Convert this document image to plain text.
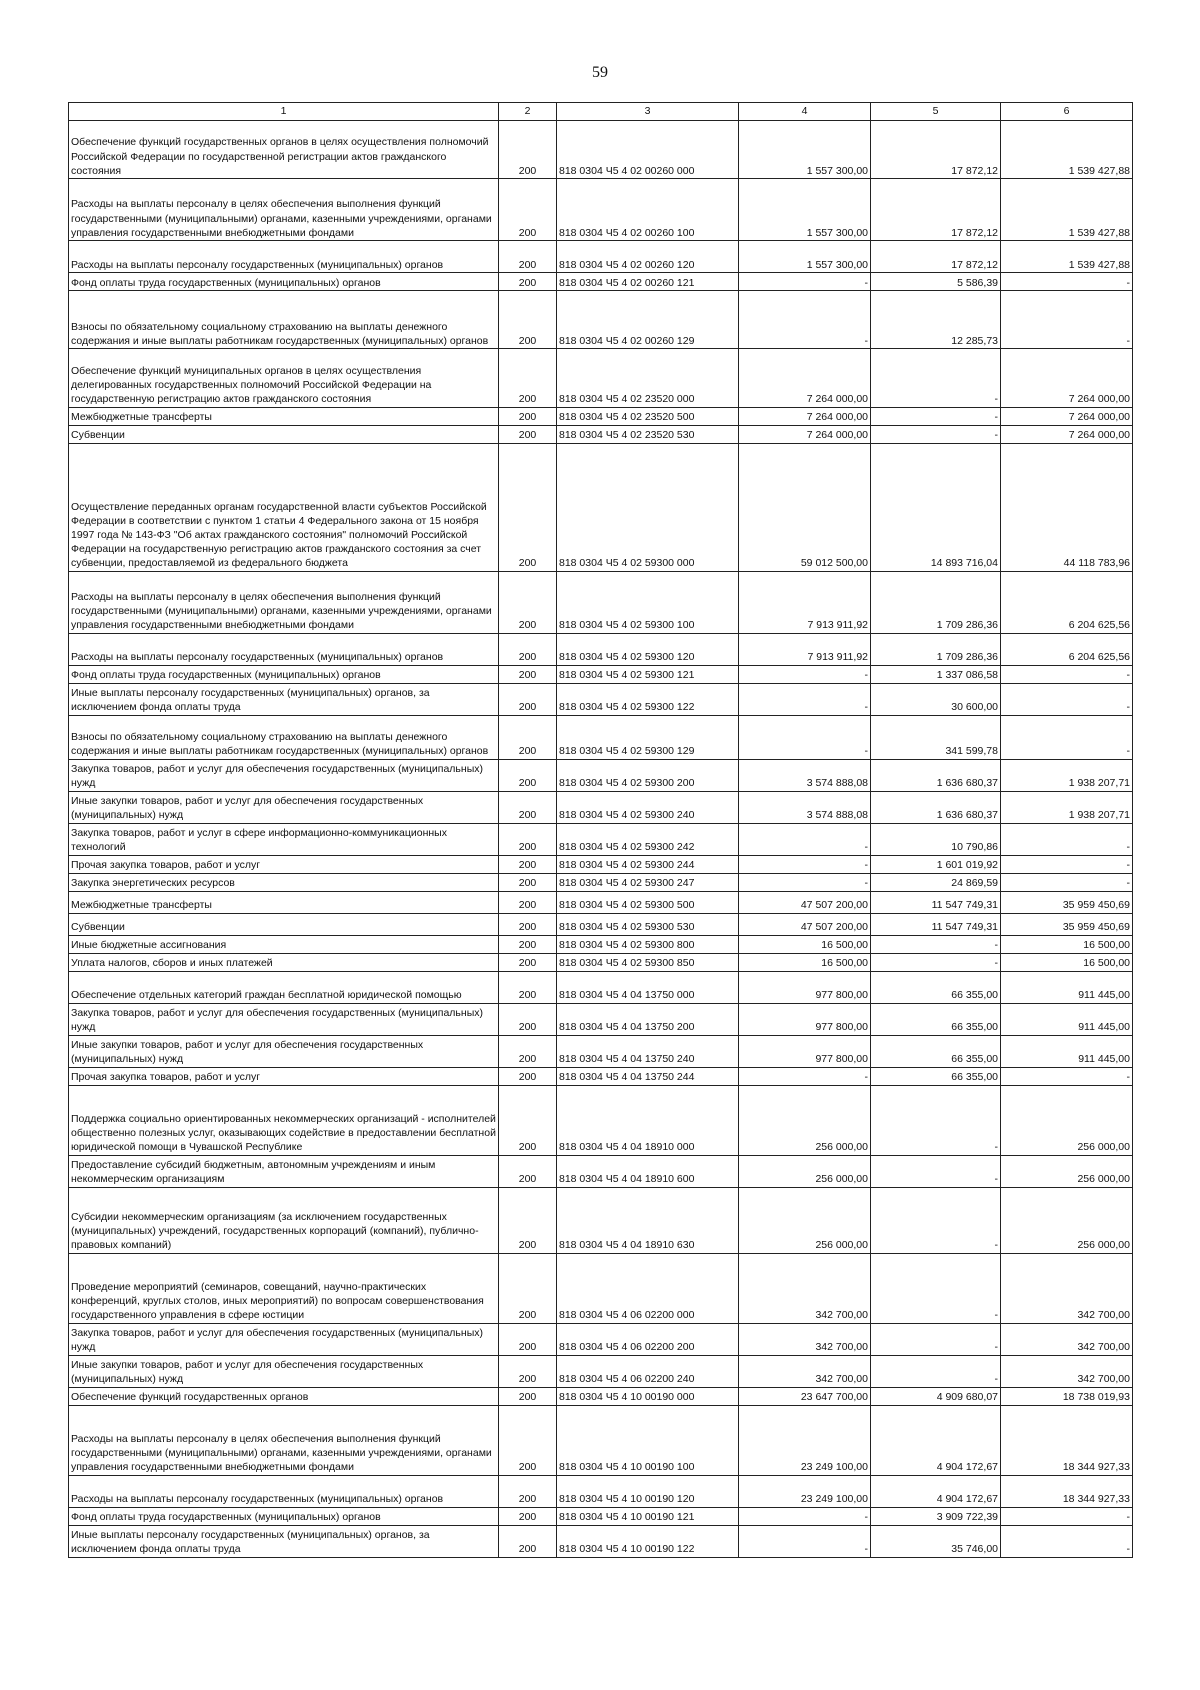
59
1	2	3	4	5	6
Обеспечение функций государственных органов в целях осуществления полномочий Российской Федерации по государственной регистрации актов гражданского состояния	200	818 0304 Ч5 4 02 00260 000	1 557 300,00	17 872,12	1 539 427,88
Расходы на выплаты персоналу в целях обеспечения выполнения функций государственными (муниципальными) органами, казенными учреждениями, органами управления государственными внебюджетными фондами	200	818 0304 Ч5 4 02 00260 100	1 557 300,00	17 872,12	1 539 427,88
Расходы на выплаты персоналу государственных (муниципальных) органов	200	818 0304 Ч5 4 02 00260 120	1 557 300,00	17 872,12	1 539 427,88
Фонд оплаты труда государственных (муниципальных) органов	200	818 0304 Ч5 4 02 00260 121	-	5 586,39	-
Взносы по обязательному социальному страхованию на выплаты денежного содержания и иные выплаты работникам государственных (муниципальных) органов	200	818 0304 Ч5 4 02 00260 129	-	12 285,73	-
Обеспечение функций муниципальных органов в целях осуществления делегированных государственных полномочий Российской Федерации на государственную регистрацию актов гражданского состояния	200	818 0304 Ч5 4 02 23520 000	7 264 000,00	-	7 264 000,00
Межбюджетные трансферты	200	818 0304 Ч5 4 02 23520 500	7 264 000,00	-	7 264 000,00
Субвенции	200	818 0304 Ч5 4 02 23520 530	7 264 000,00	-	7 264 000,00
Осуществление переданных органам государственной власти субъектов Российской Федерации в соответствии с пунктом 1 статьи 4 Федерального закона от 15 ноября 1997 года № 143-ФЗ "Об актах гражданского состояния" полномочий Российской Федерации на государственную регистрацию актов гражданского состояния за счет субвенции, предоставляемой из федерального бюджета	200	818 0304 Ч5 4 02 59300 000	59 012 500,00	14 893 716,04	44 118 783,96
Расходы на выплаты персоналу в целях обеспечения выполнения функций государственными (муниципальными) органами, казенными учреждениями, органами управления государственными внебюджетными фондами	200	818 0304 Ч5 4 02 59300 100	7 913 911,92	1 709 286,36	6 204 625,56
Расходы на выплаты персоналу государственных (муниципальных) органов	200	818 0304 Ч5 4 02 59300 120	7 913 911,92	1 709 286,36	6 204 625,56
Фонд оплаты труда государственных (муниципальных) органов	200	818 0304 Ч5 4 02 59300 121	-	1 337 086,58	-
Иные выплаты персоналу государственных (муниципальных) органов, за исключением фонда оплаты труда	200	818 0304 Ч5 4 02 59300 122	-	30 600,00	-
Взносы по обязательному социальному страхованию на выплаты денежного содержания и иные выплаты работникам государственных (муниципальных) органов	200	818 0304 Ч5 4 02 59300 129	-	341 599,78	-
Закупка товаров, работ и услуг для обеспечения государственных (муниципальных) нужд	200	818 0304 Ч5 4 02 59300 200	3 574 888,08	1 636 680,37	1 938 207,71
Иные закупки товаров, работ и услуг для обеспечения государственных (муниципальных) нужд	200	818 0304 Ч5 4 02 59300 240	3 574 888,08	1 636 680,37	1 938 207,71
Закупка товаров, работ и услуг в сфере информационно-коммуникационных технологий	200	818 0304 Ч5 4 02 59300 242	-	10 790,86	-
Прочая закупка товаров, работ и услуг	200	818 0304 Ч5 4 02 59300 244	-	1 601 019,92	-
Закупка энергетических ресурсов	200	818 0304 Ч5 4 02 59300 247	-	24 869,59	-
Межбюджетные трансферты	200	818 0304 Ч5 4 02 59300 500	47 507 200,00	11 547 749,31	35 959 450,69
Субвенции	200	818 0304 Ч5 4 02 59300 530	47 507 200,00	11 547 749,31	35 959 450,69
Иные бюджетные ассигнования	200	818 0304 Ч5 4 02 59300 800	16 500,00	-	16 500,00
Уплата налогов, сборов и иных платежей	200	818 0304 Ч5 4 02 59300 850	16 500,00	-	16 500,00
Обеспечение отдельных категорий граждан бесплатной юридической помощью	200	818 0304 Ч5 4 04 13750 000	977 800,00	66 355,00	911 445,00
Закупка товаров, работ и услуг для обеспечения государственных (муниципальных) нужд	200	818 0304 Ч5 4 04 13750 200	977 800,00	66 355,00	911 445,00
Иные закупки товаров, работ и услуг для обеспечения государственных (муниципальных) нужд	200	818 0304 Ч5 4 04 13750 240	977 800,00	66 355,00	911 445,00
Прочая закупка товаров, работ и услуг	200	818 0304 Ч5 4 04 13750 244	-	66 355,00	-
Поддержка социально ориентированных некоммерческих организаций - исполнителей общественно полезных услуг, оказывающих содействие в предоставлении бесплатной юридической помощи в Чувашской Республике	200	818 0304 Ч5 4 04 18910 000	256 000,00	-	256 000,00
Предоставление субсидий бюджетным, автономным учреждениям и иным некоммерческим организациям	200	818 0304 Ч5 4 04 18910 600	256 000,00	-	256 000,00
Субсидии некоммерческим организациям (за исключением государственных (муниципальных) учреждений, государственных корпораций (компаний), публично-правовых компаний)	200	818 0304 Ч5 4 04 18910 630	256 000,00	-	256 000,00
Проведение мероприятий (семинаров, совещаний, научно-практических конференций, круглых столов, иных мероприятий) по вопросам совершенствования государственного управления в сфере юстиции	200	818 0304 Ч5 4 06 02200 000	342 700,00	-	342 700,00
Закупка товаров, работ и услуг для обеспечения государственных (муниципальных) нужд	200	818 0304 Ч5 4 06 02200 200	342 700,00	-	342 700,00
Иные закупки товаров, работ и услуг для обеспечения государственных (муниципальных) нужд	200	818 0304 Ч5 4 06 02200 240	342 700,00	-	342 700,00
Обеспечение функций государственных органов	200	818 0304 Ч5 4 10 00190 000	23 647 700,00	4 909 680,07	18 738 019,93
Расходы на выплаты персоналу в целях обеспечения выполнения функций государственными (муниципальными) органами, казенными учреждениями, органами управления государственными внебюджетными фондами	200	818 0304 Ч5 4 10 00190 100	23 249 100,00	4 904 172,67	18 344 927,33
Расходы на выплаты персоналу государственных (муниципальных) органов	200	818 0304 Ч5 4 10 00190 120	23 249 100,00	4 904 172,67	18 344 927,33
Фонд оплаты труда государственных (муниципальных) органов	200	818 0304 Ч5 4 10 00190 121	-	3 909 722,39	-
Иные выплаты персоналу государственных (муниципальных) органов, за исключением фонда оплаты труда	200	818 0304 Ч5 4 10 00190 122	-	35 746,00	-
